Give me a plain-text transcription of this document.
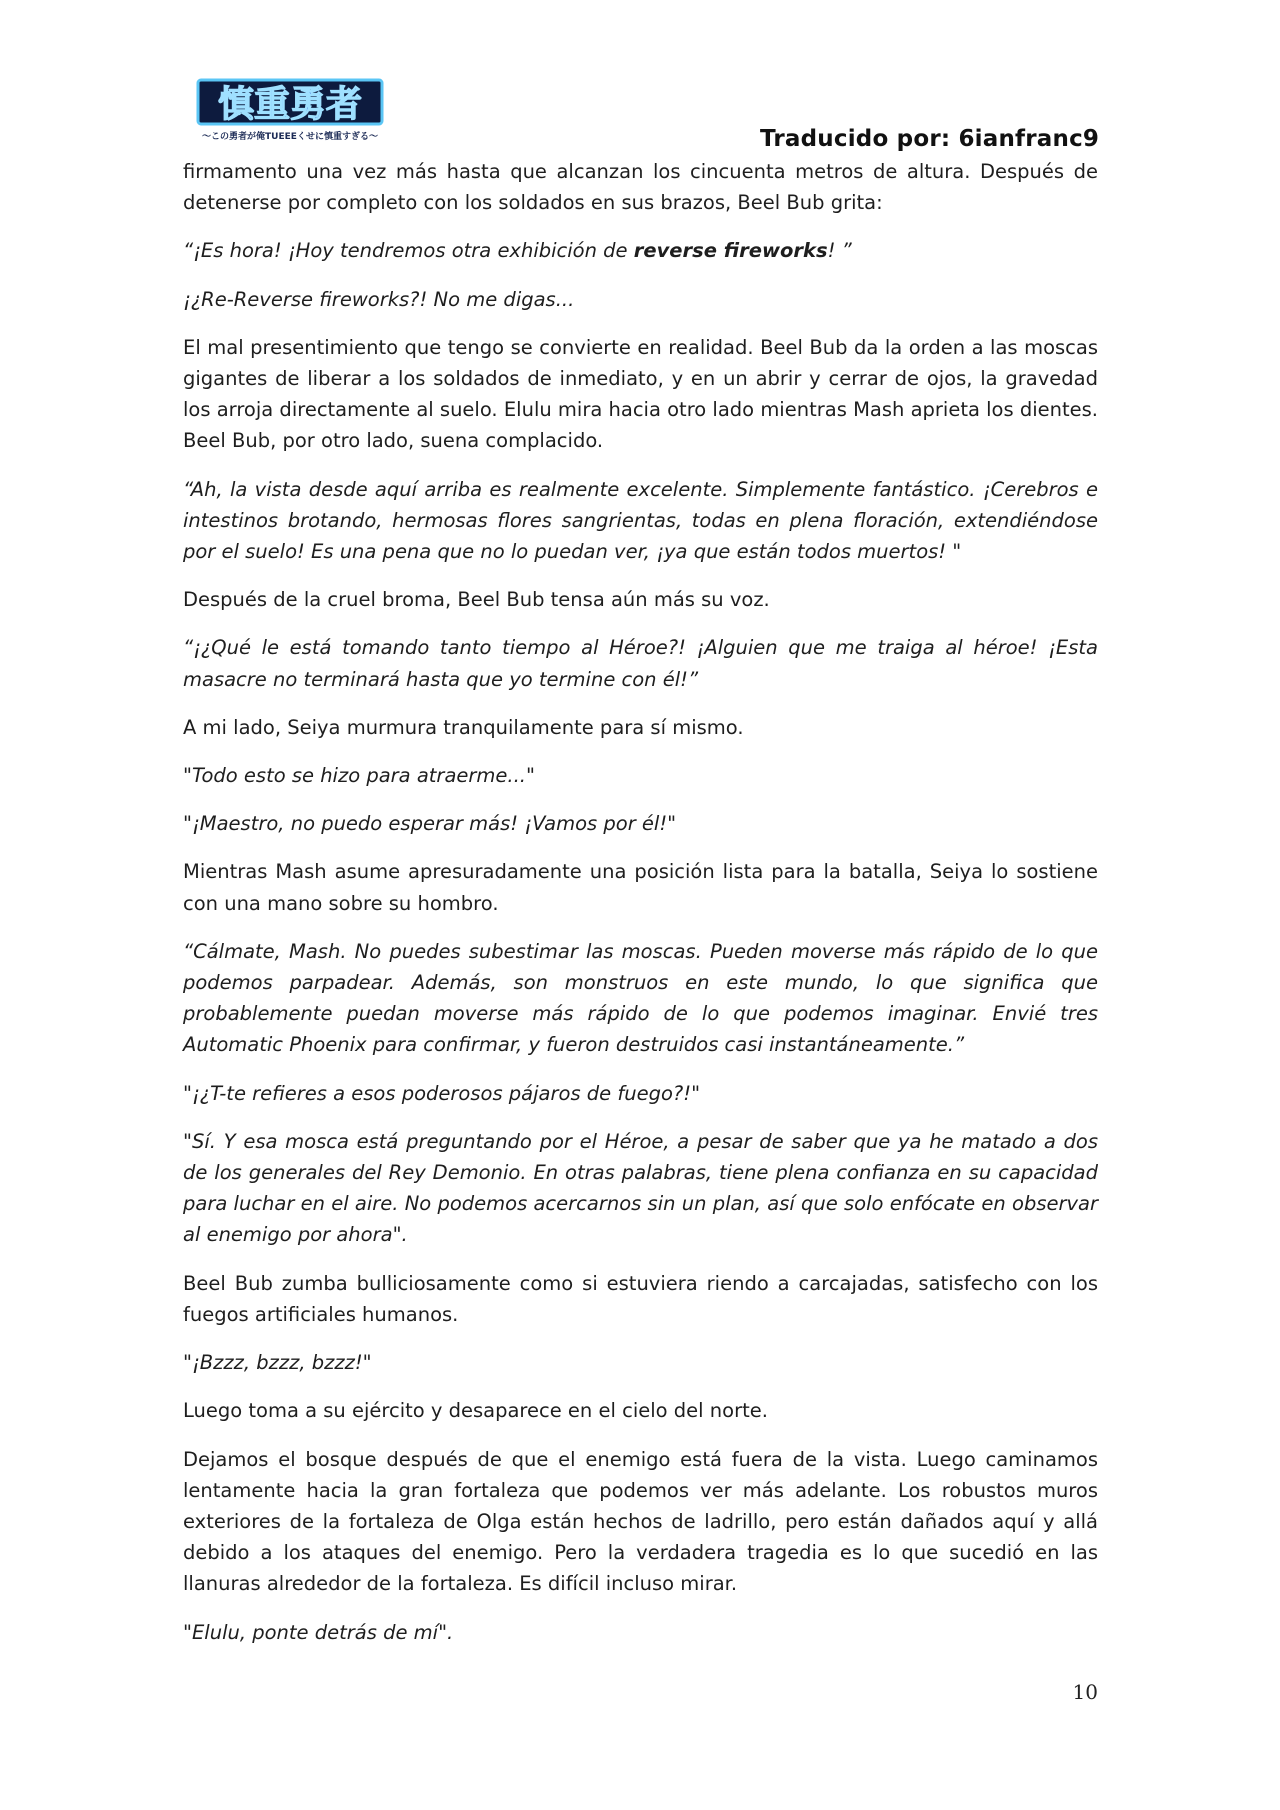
慎重勇者
〜この勇者が俺TUEEEくせに慎重すぎる〜	Traducido por: 6ianfranc9

firmamento una vez más hasta que alcanzan los cincuenta metros de altura. Después de detenerse por completo con los soldados en sus brazos, Beel Bub grita:

“¡Es hora! ¡Hoy tendremos otra exhibición de reverse fireworks! ”

¡¿Re-Reverse fireworks?! No me digas...

El mal presentimiento que tengo se convierte en realidad. Beel Bub da la orden a las moscas gigantes de liberar a los soldados de inmediato, y en un abrir y cerrar de ojos, la gravedad los arroja directamente al suelo. Elulu mira hacia otro lado mientras Mash aprieta los dientes. Beel Bub, por otro lado, suena complacido.

“Ah, la vista desde aquí arriba es realmente excelente. Simplemente fantástico. ¡Cerebros e intestinos brotando, hermosas flores sangrientas, todas en plena floración, extendiéndose por el suelo! Es una pena que no lo puedan ver, ¡ya que están todos muertos! "

Después de la cruel broma, Beel Bub tensa aún más su voz.

“¡¿Qué le está tomando tanto tiempo al Héroe?! ¡Alguien que me traiga al héroe! ¡Esta masacre no terminará hasta que yo termine con él!”

A mi lado, Seiya murmura tranquilamente para sí mismo.

"Todo esto se hizo para atraerme..."

"¡Maestro, no puedo esperar más! ¡Vamos por él!"

Mientras Mash asume apresuradamente una posición lista para la batalla, Seiya lo sostiene con una mano sobre su hombro.

“Cálmate, Mash. No puedes subestimar las moscas. Pueden moverse más rápido de lo que podemos parpadear. Además, son monstruos en este mundo, lo que significa que probablemente puedan moverse más rápido de lo que podemos imaginar. Envié tres Automatic Phoenix para confirmar, y fueron destruidos casi instantáneamente.”

"¡¿T-te refieres a esos poderosos pájaros de fuego?!"

"Sí. Y esa mosca está preguntando por el Héroe, a pesar de saber que ya he matado a dos de los generales del Rey Demonio. En otras palabras, tiene plena confianza en su capacidad para luchar en el aire. No podemos acercarnos sin un plan, así que solo enfócate en observar al enemigo por ahora".

Beel Bub zumba bulliciosamente como si estuviera riendo a carcajadas, satisfecho con los fuegos artificiales humanos.

"¡Bzzz, bzzz, bzzz!"

Luego toma a su ejército y desaparece en el cielo del norte.

Dejamos el bosque después de que el enemigo está fuera de la vista. Luego caminamos lentamente hacia la gran fortaleza que podemos ver más adelante. Los robustos muros exteriores de la fortaleza de Olga están hechos de ladrillo, pero están dañados aquí y allá debido a los ataques del enemigo. Pero la verdadera tragedia es lo que sucedió en las llanuras alrededor de la fortaleza. Es difícil incluso mirar.

"Elulu, ponte detrás de mí".

10
